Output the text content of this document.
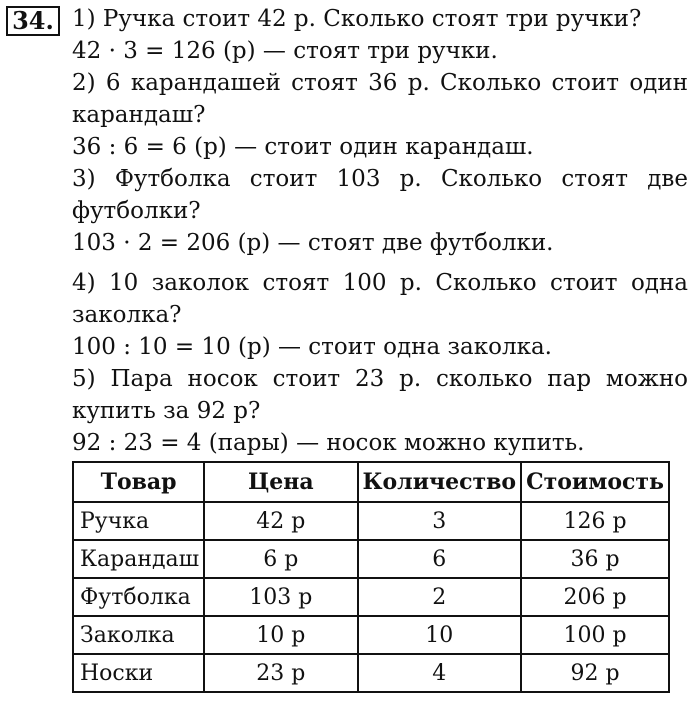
34. 1) Ручка стоит 42 р. Сколько стоят три ручки?
42 · 3 = 126 (р) — стоят три ручки.
2) 6 карандашей стоят 36 р. Сколько стоит один
карандаш?
36 : 6 = 6 (р) — стоит один карандаш.
3) Футболка стоит 103 р. Сколько стоят две
футболки?
103 · 2 = 206 (р) — стоят две футболки.
4) 10 заколок стоят 100 р. Сколько стоит одна
заколка?
100 : 10 = 10 (р) — стоит одна заколка.
5) Пара носок стоит 23 р. сколько пар можно
купить за 92 р?
92 : 23 = 4 (пары) — носок можно купить.
Товар	Цена	Количество	Стоимость
Ручка	42 р	3	126 р
Карандаш	6 р	6	36 р
Футболка	103 р	2	206 р
Заколка	10 р	10	100 р
Носки	23 р	4	92 р
